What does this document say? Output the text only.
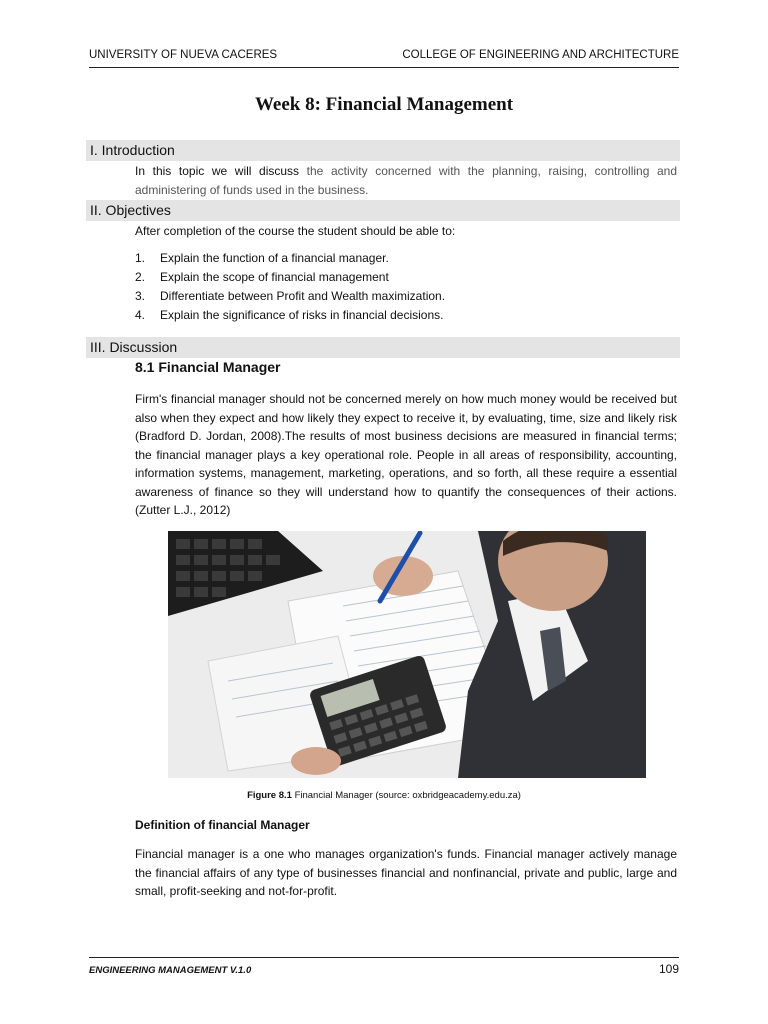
UNIVERSITY OF NUEVA CACERES	COLLEGE OF ENGINEERING AND ARCHITECTURE
Week 8: Financial Management
I. Introduction
In this topic we will discuss the activity concerned with the planning, raising, controlling and administering of funds used in the business.
II. Objectives
After completion of the course the student should be able to:
1. Explain the function of a financial manager.
2. Explain the scope of financial management
3. Differentiate between Profit and Wealth maximization.
4. Explain the significance of risks in financial decisions.
III. Discussion
8.1 Financial Manager
Firm's financial manager should not be concerned merely on how much money would be received but also when they expect and how likely they expect to receive it, by evaluating, time, size and likely risk (Bradford D. Jordan, 2008).The results of most business decisions are measured in financial terms; the financial manager plays a key operational role. People in all areas of responsibility, accounting, information systems, management, marketing, operations, and so forth, all these require a essential awareness of finance so they will understand how to quantify the consequences of their actions. (Zutter L.J., 2012)
Figure 8.1 Financial Manager (source: oxbridgeacademy.edu.za)
Definition of financial Manager
Financial manager is a one who manages organization's funds. Financial manager actively manage the financial affairs of any type of businesses financial and nonfinancial, private and public, large and small, profit-seeking and not-for-profit.
ENGINEERING MANAGEMENT V.1.0	109
